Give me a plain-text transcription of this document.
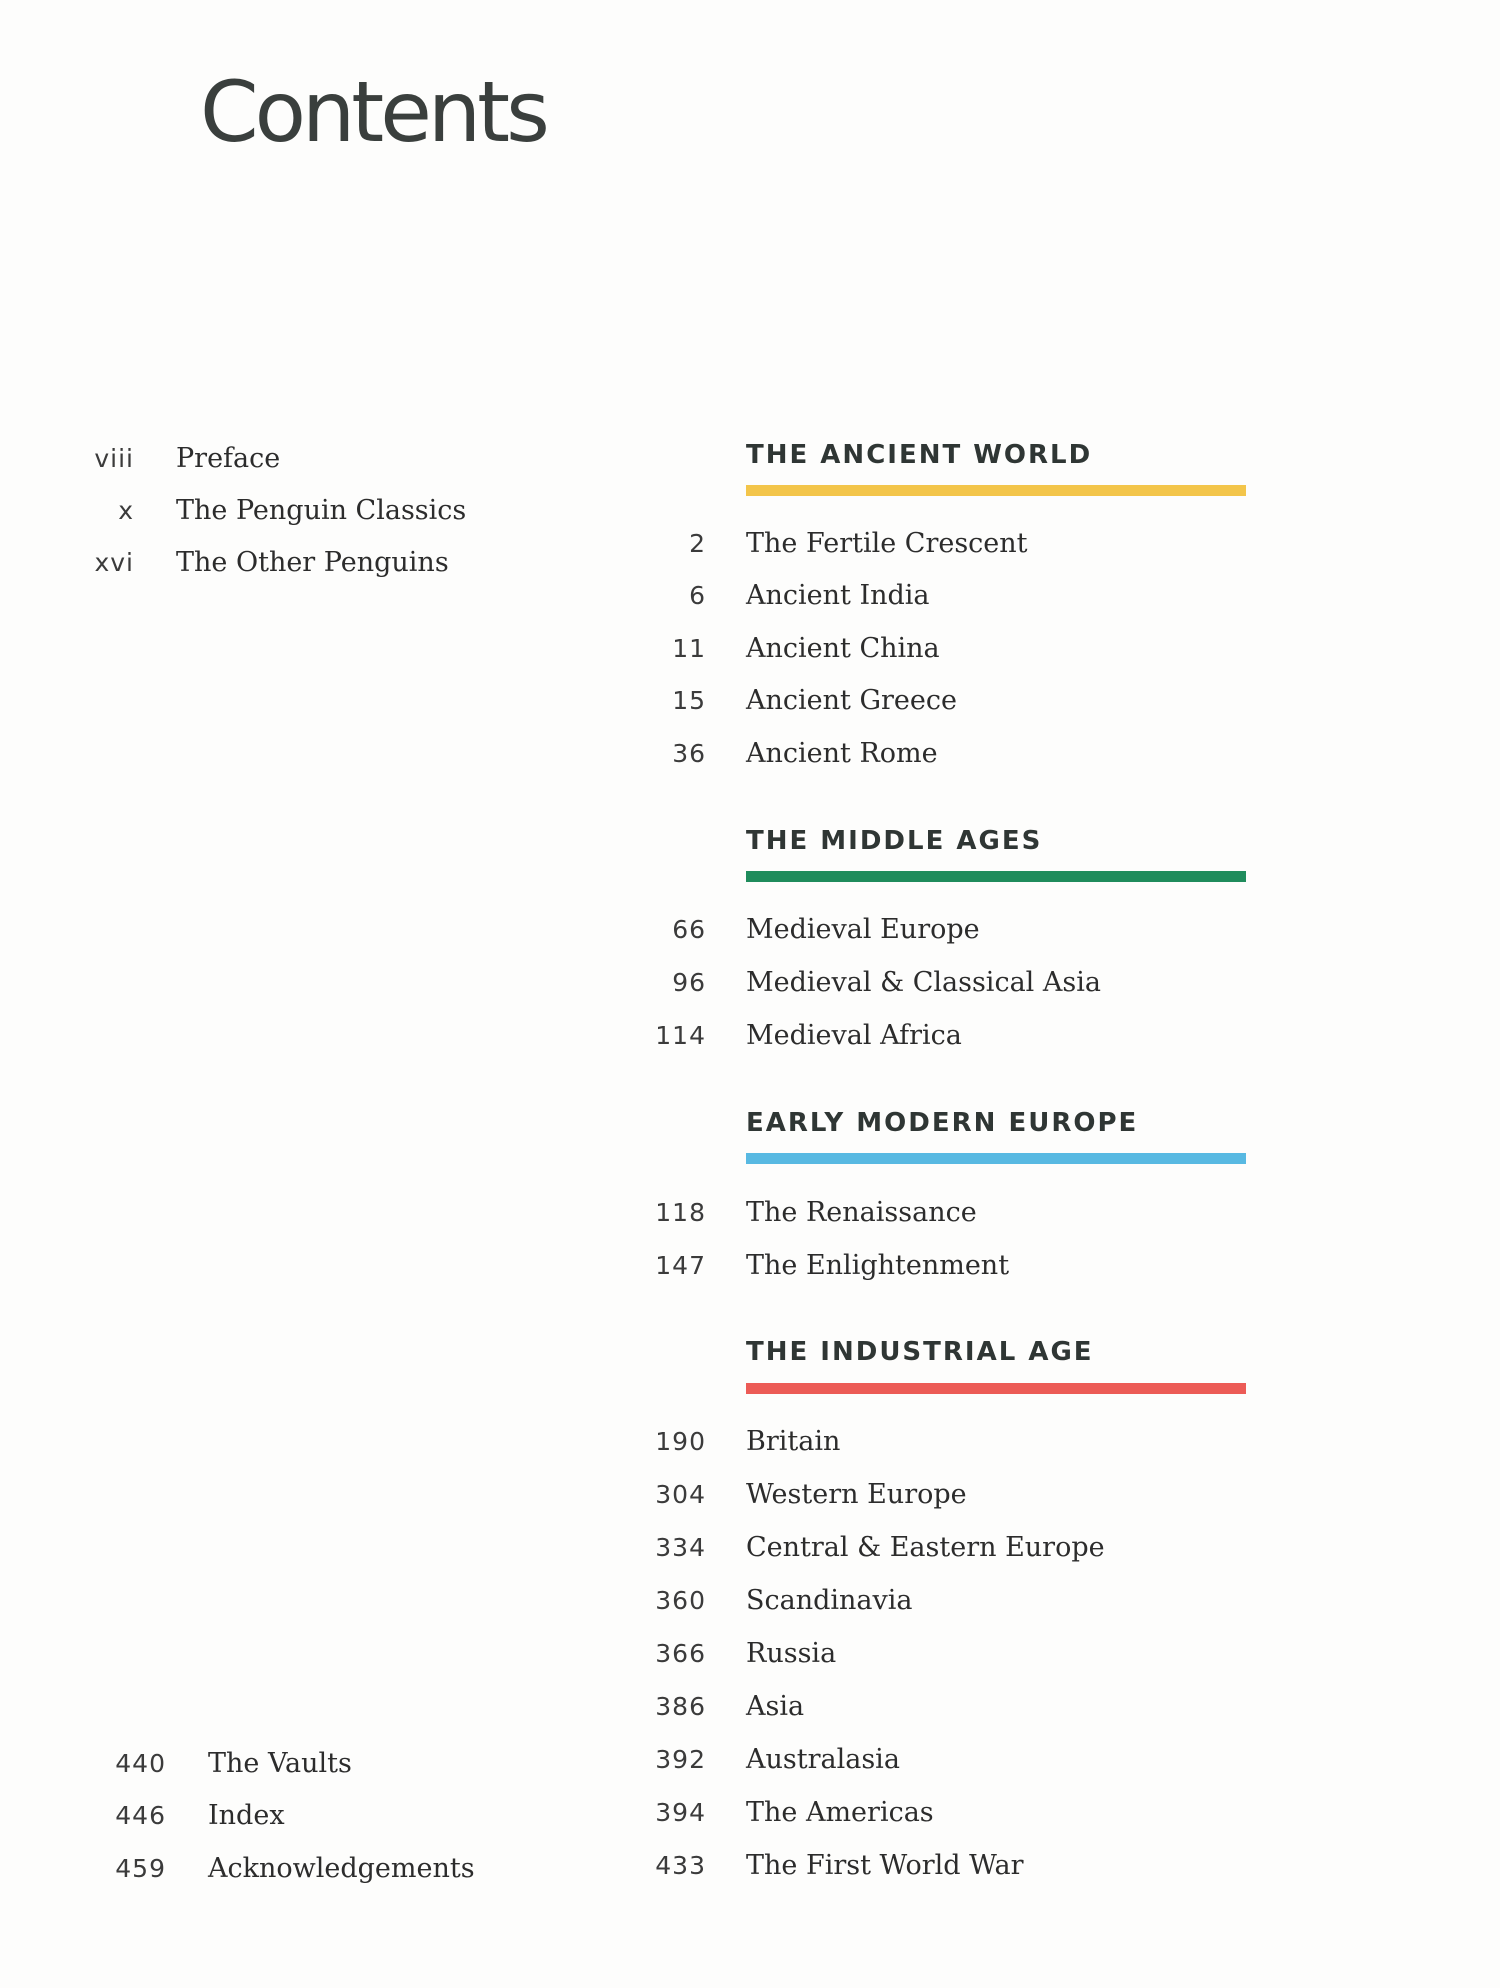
Contents
viii Preface
x The Penguin Classics
xvi The Other Penguins
440 The Vaults
446 Index
459 Acknowledgements
THE ANCIENT WORLD
2 The Fertile Crescent
6 Ancient India
11 Ancient China
15 Ancient Greece
36 Ancient Rome
THE MIDDLE AGES
66 Medieval Europe
96 Medieval & Classical Asia
114 Medieval Africa
EARLY MODERN EUROPE
118 The Renaissance
147 The Enlightenment
THE INDUSTRIAL AGE
190 Britain
304 Western Europe
334 Central & Eastern Europe
360 Scandinavia
366 Russia
386 Asia
392 Australasia
394 The Americas
433 The First World War
